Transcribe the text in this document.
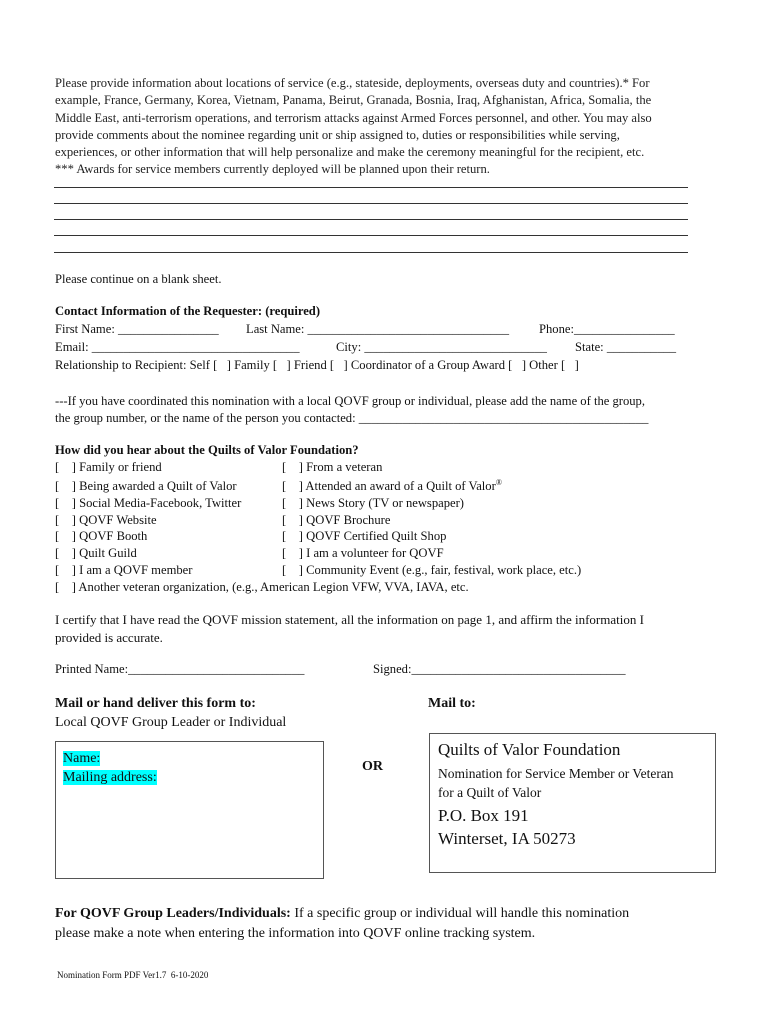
Please provide information about locations of service (e.g., stateside, deployments, overseas duty and countries).* For
example, France, Germany, Korea, Vietnam, Panama, Beirut, Granada, Bosnia, Iraq, Afghanistan, Africa, Somalia, the
Middle East, anti-terrorism operations, and terrorism attacks against Armed Forces personnel, and other. You may also
provide comments about the nominee regarding unit or ship assigned to, duties or responsibilities while serving,
experiences, or other information that will help personalize and make the ceremony meaningful for the recipient, etc.
*** Awards for service members currently deployed will be planned upon their return.
Please continue on a blank sheet.
Contact Information of the Requester: (required)
First Name: ________________ Last Name: ________________________________ Phone:________________
Email: _________________________________	City: _____________________________ State: ___________
Relationship to Recipient: Self [   ] Family [   ] Friend [   ] Coordinator of a Group Award [   ] Other [   ]
---If you have coordinated this nomination with a local QOVF group or individual, please add the name of the group,
the group number, or the name of the person you contacted: ______________________________________________
How did you hear about the Quilts of Valor Foundation?
[    ] Family or friend
[    ] Being awarded a Quilt of Valor
[    ] Social Media-Facebook, Twitter
[    ] QOVF Website
[    ] QOVF Booth
[    ] Quilt Guild
[    ] I am a QOVF member
[    ] From a veteran
[    ] Attended an award of a Quilt of Valor®
[    ] News Story (TV or newspaper)
[    ] QOVF Brochure
[    ] QOVF Certified Quilt Shop
[    ] I am a volunteer for QOVF
[    ] Community Event (e.g., fair, festival, work place, etc.)
[    ] Another veteran organization, (e.g., American Legion VFW, VVA, IAVA, etc.
I certify that I have read the QOVF mission statement, all the information on page 1, and affirm the information I
provided is accurate.
Printed Name:____________________________	Signed:__________________________________
Mail or hand deliver this form to:
Local QOVF Group Leader or Individual
Name:
Mailing address:
OR
Mail to:
Quilts of Valor Foundation
Nomination for Service Member or Veteran
for a Quilt of Valor
P.O. Box 191
Winterset, IA 50273
For QOVF Group Leaders/Individuals: If a specific group or individual will handle this nomination
please make a note when entering the information into QOVF online tracking system.
Nomination Form PDF Ver1.7  6-10-2020
